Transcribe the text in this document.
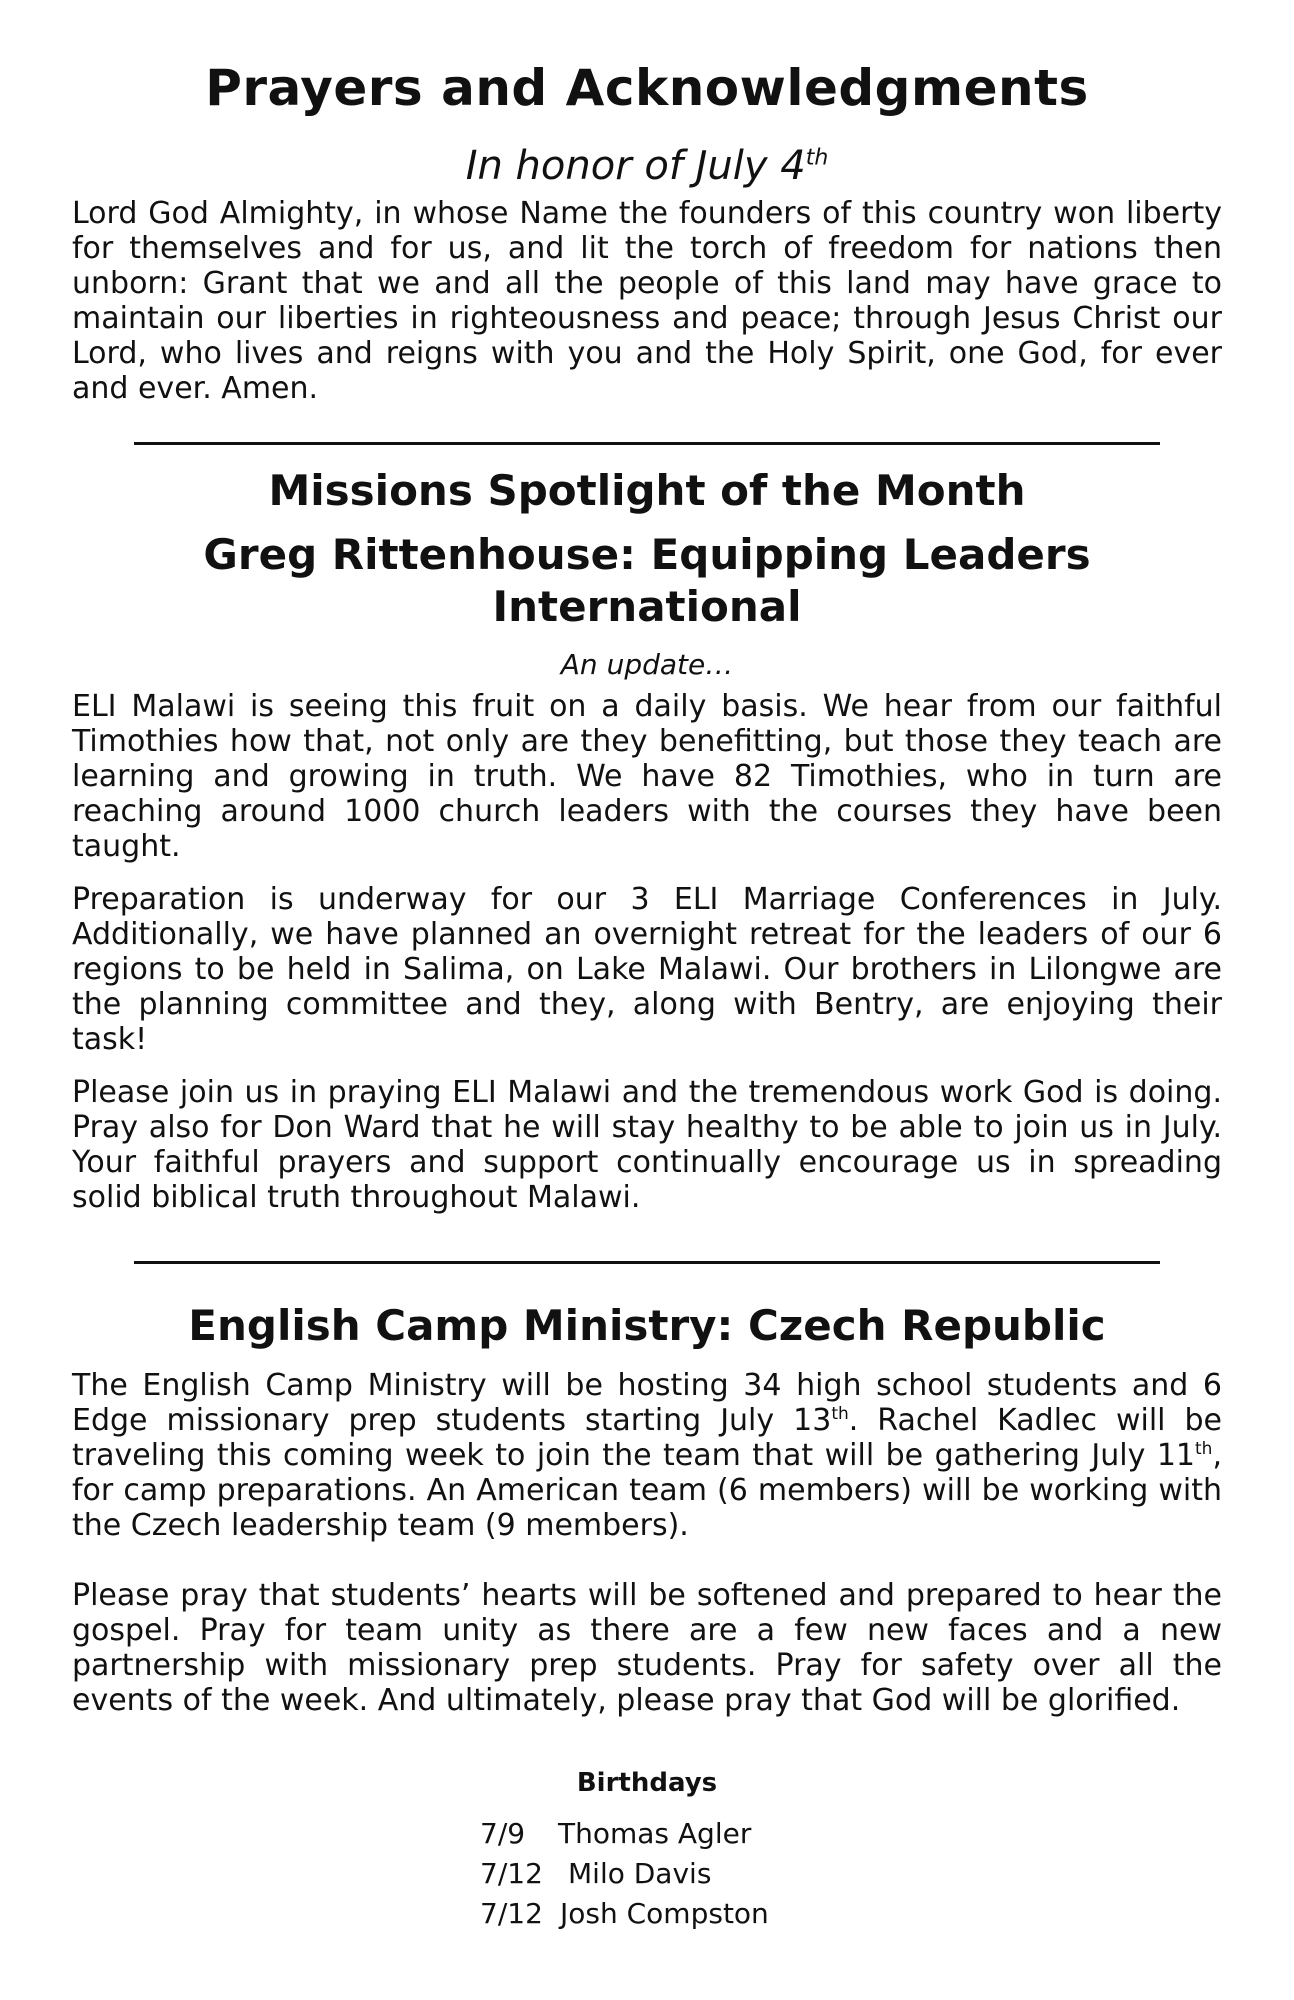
Prayers and Acknowledgments
In honor of July 4th

Lord God Almighty, in whose Name the founders of this country won liberty for themselves and for us, and lit the torch of freedom for nations then unborn: Grant that we and all the people of this land may have grace to maintain our liberties in righteousness and peace; through Jesus Christ our Lord, who lives and reigns with you and the Holy Spirit, one God, for ever and ever. Amen.

Missions Spotlight of the Month
Greg Rittenhouse: Equipping Leaders International

An update…

ELI Malawi is seeing this fruit on a daily basis. We hear from our faithful Timothies how that, not only are they benefitting, but those they teach are learning and growing in truth. We have 82 Timothies, who in turn are reaching around 1000 church leaders with the courses they have been taught.

Preparation is underway for our 3 ELI Marriage Conferences in July. Additionally, we have planned an overnight retreat for the leaders of our 6 regions to be held in Salima, on Lake Malawi. Our brothers in Lilongwe are the planning committee and they, along with Bentry, are enjoying their task!

Please join us in praying ELI Malawi and the tremendous work God is doing. Pray also for Don Ward that he will stay healthy to be able to join us in July. Your faithful prayers and support continually encourage us in spreading solid biblical truth throughout Malawi.

English Camp Ministry: Czech Republic

The English Camp Ministry will be hosting 34 high school students and 6 Edge missionary prep students starting July 13th. Rachel Kadlec will be traveling this coming week to join the team that will be gathering July 11th, for camp preparations. An American team (6 members) will be working with the Czech leadership team (9 members).

Please pray that students’ hearts will be softened and prepared to hear the gospel. Pray for team unity as there are a few new faces and a new partnership with missionary prep students. Pray for safety over all the events of the week. And ultimately, please pray that God will be glorified.

Birthdays

7/9 Thomas Agler
7/12 Milo Davis
7/12 Josh Compston
